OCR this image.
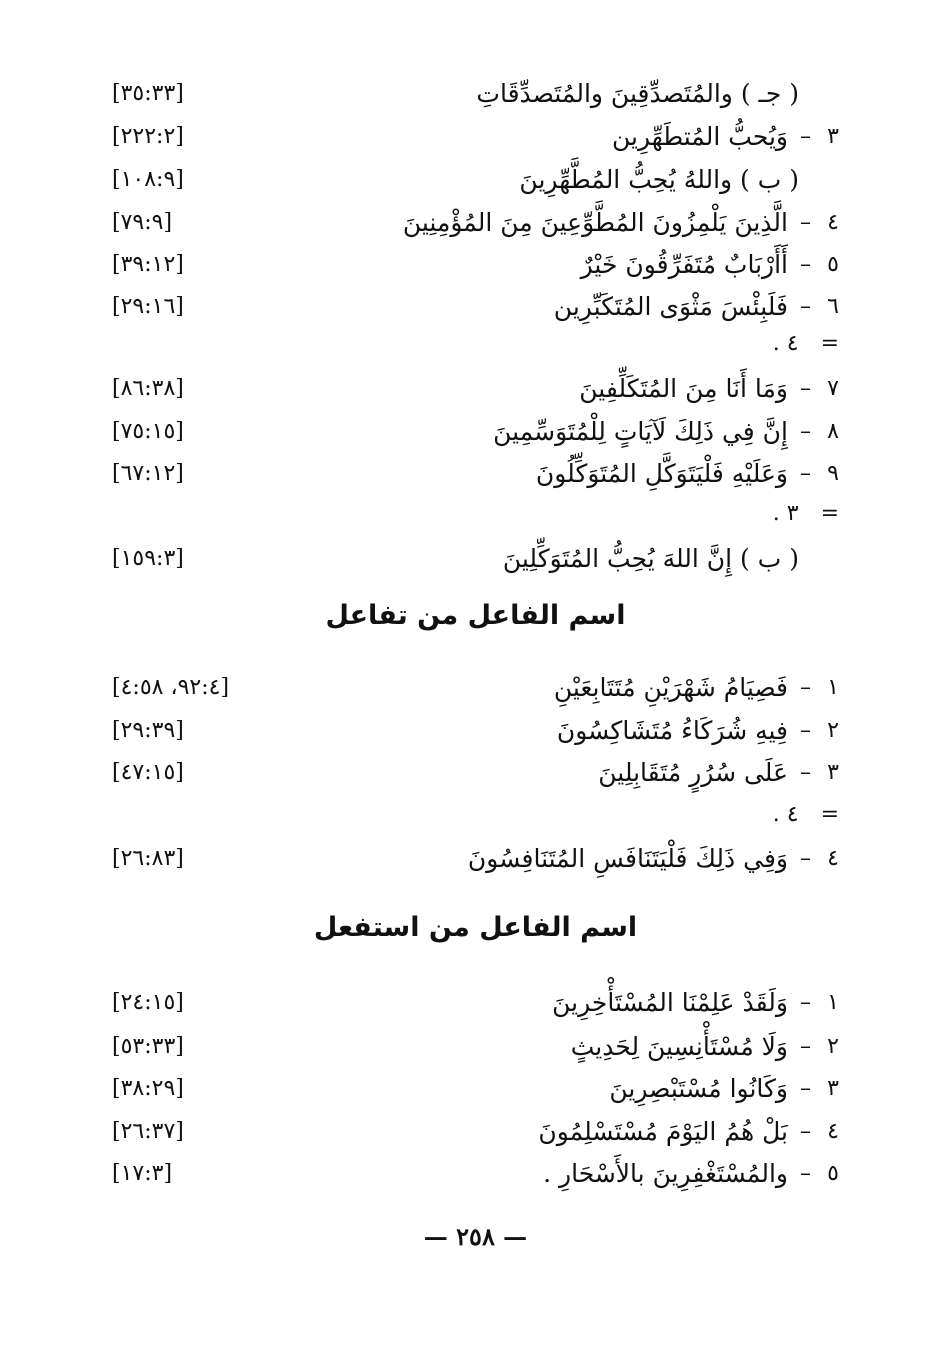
( جـ ) والمُتَصدِّقِينَ والمُتَصدِّقَاتِ
[٣٥:٣٣]
٣
–
وَيُحبُّ المُتطَهِّرِين
[٢٢٢:٢]
( ب ) واللهُ يُحِبُّ المُطَّهِّرِينَ
[١٠٨:٩]
٤
–
الَّذِينَ يَلْمِزُونَ المُطَّوِّعِينَ مِنَ المُؤْمِنِينَ
[٧٩:٩]
٥
–
أَأَرْبَابٌ مُتَفَرِّقُونَ خَيْرٌ
[٣٩:١٢]
٦
–
فَلَبِئْسَ مَثْوَى المُتَكَبِّرِين
[٢٩:١٦]
=
٤ .
٧
–
وَمَا أَنَا مِنَ المُتَكَلِّفِينَ
[٨٦:٣٨]
٨
–
إِنَّ فِي ذَلِكَ لَآيَاتٍ لِلْمُتَوَسِّمِينَ
[٧٥:١٥]
٩
–
وَعَلَيْهِ فَلْيَتَوَكَّلِ المُتَوَكِّلُونَ
[٦٧:١٢]
=
٣ .
( ب ) إِنَّ اللهَ يُحِبُّ المُتَوَكِّلِينَ
[١٥٩:٣]
اسم الفاعل من تفاعل
١
–
فَصِيَامُ شَهْرَيْنِ مُتَتَابِعَيْنِ
[٩٢:٤، ٤:٥٨]
٢
–
فِيهِ شُرَكَاءُ مُتَشَاكِسُونَ
[٢٩:٣٩]
٣
–
عَلَى سُرُرٍ مُتَقَابِلِينَ
[٤٧:١٥]
=
٤ .
٤
–
وَفِي ذَلِكَ فَلْيَتَنَافَسِ المُتَنَافِسُونَ
[٢٦:٨٣]
اسم الفاعل من استفعل
١
–
وَلَقَدْ عَلِمْنَا المُسْتَأْخِرِينَ
[٢٤:١٥]
٢
–
وَلَا مُسْتَأْنِسِينَ لِحَدِيثٍ
[٥٣:٣٣]
٣
–
وَكَانُوا مُسْتَبْصِرِينَ
[٣٨:٢٩]
٤
–
بَلْ هُمُ اليَوْمَ مُسْتَسْلِمُونَ
[٢٦:٣٧]
٥
–
والمُسْتَغْفِرِينَ بالأَسْحَارِ .
[١٧:٣]
— ٢٥٨ —
